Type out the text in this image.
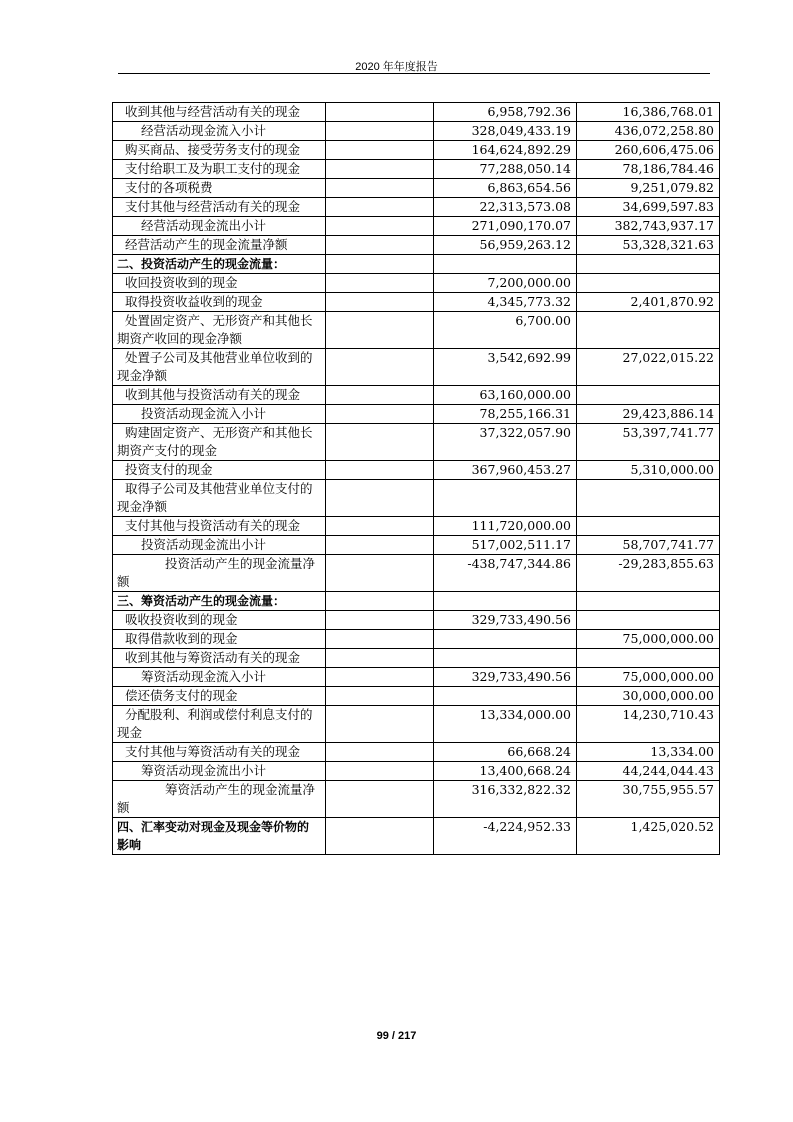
2020 年年度报告
收到其他与经营活动有关的现金		6,958,792.36	16,386,768.01
经营活动现金流入小计		328,049,433.19	436,072,258.80
购买商品、接受劳务支付的现金		164,624,892.29	260,606,475.06
支付给职工及为职工支付的现金		77,288,050.14	78,186,784.46
支付的各项税费		6,863,654.56	9,251,079.82
支付其他与经营活动有关的现金		22,313,573.08	34,699,597.83
经营活动现金流出小计		271,090,170.07	382,743,937.17
经营活动产生的现金流量净额		56,959,263.12	53,328,321.63
二、投资活动产生的现金流量：			
收回投资收到的现金		7,200,000.00	
取得投资收益收到的现金		4,345,773.32	2,401,870.92
处置固定资产、无形资产和其他长期资产收回的现金净额		6,700.00	
处置子公司及其他营业单位收到的现金净额		3,542,692.99	27,022,015.22
收到其他与投资活动有关的现金		63,160,000.00	
投资活动现金流入小计		78,255,166.31	29,423,886.14
购建固定资产、无形资产和其他长期资产支付的现金		37,322,057.90	53,397,741.77
投资支付的现金		367,960,453.27	5,310,000.00
取得子公司及其他营业单位支付的现金净额			
支付其他与投资活动有关的现金		111,720,000.00	
投资活动现金流出小计		517,002,511.17	58,707,741.77
投资活动产生的现金流量净额		-438,747,344.86	-29,283,855.63
三、筹资活动产生的现金流量：			
吸收投资收到的现金		329,733,490.56	
取得借款收到的现金			75,000,000.00
收到其他与筹资活动有关的现金			
筹资活动现金流入小计		329,733,490.56	75,000,000.00
偿还债务支付的现金			30,000,000.00
分配股利、利润或偿付利息支付的现金		13,334,000.00	14,230,710.43
支付其他与筹资活动有关的现金		66,668.24	13,334.00
筹资活动现金流出小计		13,400,668.24	44,244,044.43
筹资活动产生的现金流量净额		316,332,822.32	30,755,955.57
四、汇率变动对现金及现金等价物的影响		-4,224,952.33	1,425,020.52
99 / 217
